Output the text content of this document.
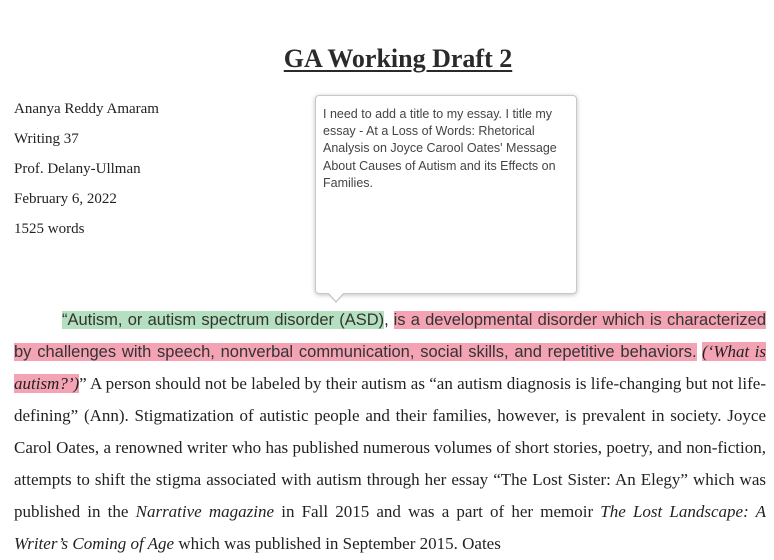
GA Working Draft 2
Ananya Reddy Amaram
Writing 37
Prof. Delany-Ullman
February 6, 2022
1525 words
I need to add a title to my essay. I title my essay - At a Loss of Words: Rhetorical Analysis on Joyce Carool Oates' Message About Causes of Autism and its Effects on Families.

“Autism, or autism spectrum disorder (ASD), is a developmental disorder which is characterized by challenges with speech, nonverbal communication, social skills, and repetitive behaviors. (‘What is autism?’)” A person should not be labeled by their autism as “an autism diagnosis is life-changing but not life-defining” (Ann). Stigmatization of autistic people and their families, however, is prevalent in society. Joyce Carol Oates, a renowned writer who has published numerous volumes of short stories, poetry, and non-fiction, attempts to shift the stigma associated with autism through her essay “The Lost Sister: An Elegy” which was published in the Narrative magazine in Fall 2015 and was a part of her memoir The Lost Landscape: A Writer’s Coming of Age which was published in September 2015. Oates
